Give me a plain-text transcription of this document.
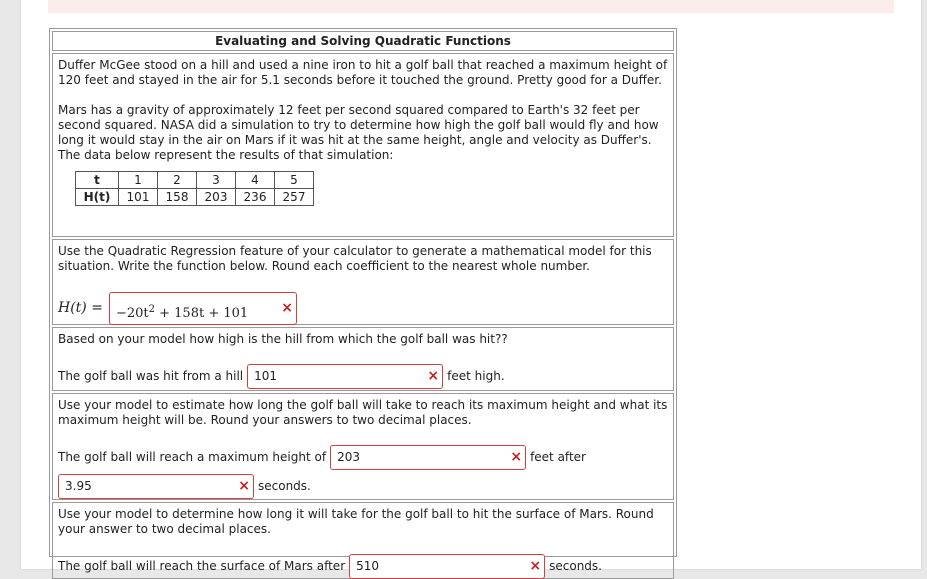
Evaluating and Solving Quadratic Functions

Duffer McGee stood on a hill and used a nine iron to hit a golf ball that reached a maximum height of 120 feet and stayed in the air for 5.1 seconds before it touched the ground. Pretty good for a Duffer.

Mars has a gravity of approximately 12 feet per second squared compared to Earth's 32 feet per second squared. NASA did a simulation to try to determine how high the golf ball would fly and how long it would stay in the air on Mars if it was hit at the same height, angle and velocity as Duffer's. The data below represent the results of that simulation:

t	1	2	3	4	5
H(t)	101	158	203	236	257

Use the Quadratic Regression feature of your calculator to generate a mathematical model for this situation. Write the function below. Round each coefficient to the nearest whole number.

H(t) =	$-20t^2 + 158t + 101$ ×

Based on your model how high is the hill from which the golf ball was hit??

The golf ball was hit from a hill 101	× feet high.

Use your model to estimate how long the golf ball will take to reach its maximum height and what its maximum height will be. Round your answers to two decimal places.

The golf ball will reach a maximum height of 203	× feet after
3.95	× seconds.

Use your model to determine how long it will take for the golf ball to hit the surface of Mars. Round your answer to two decimal places.

The golf ball will reach the surface of Mars after 510	× seconds.
